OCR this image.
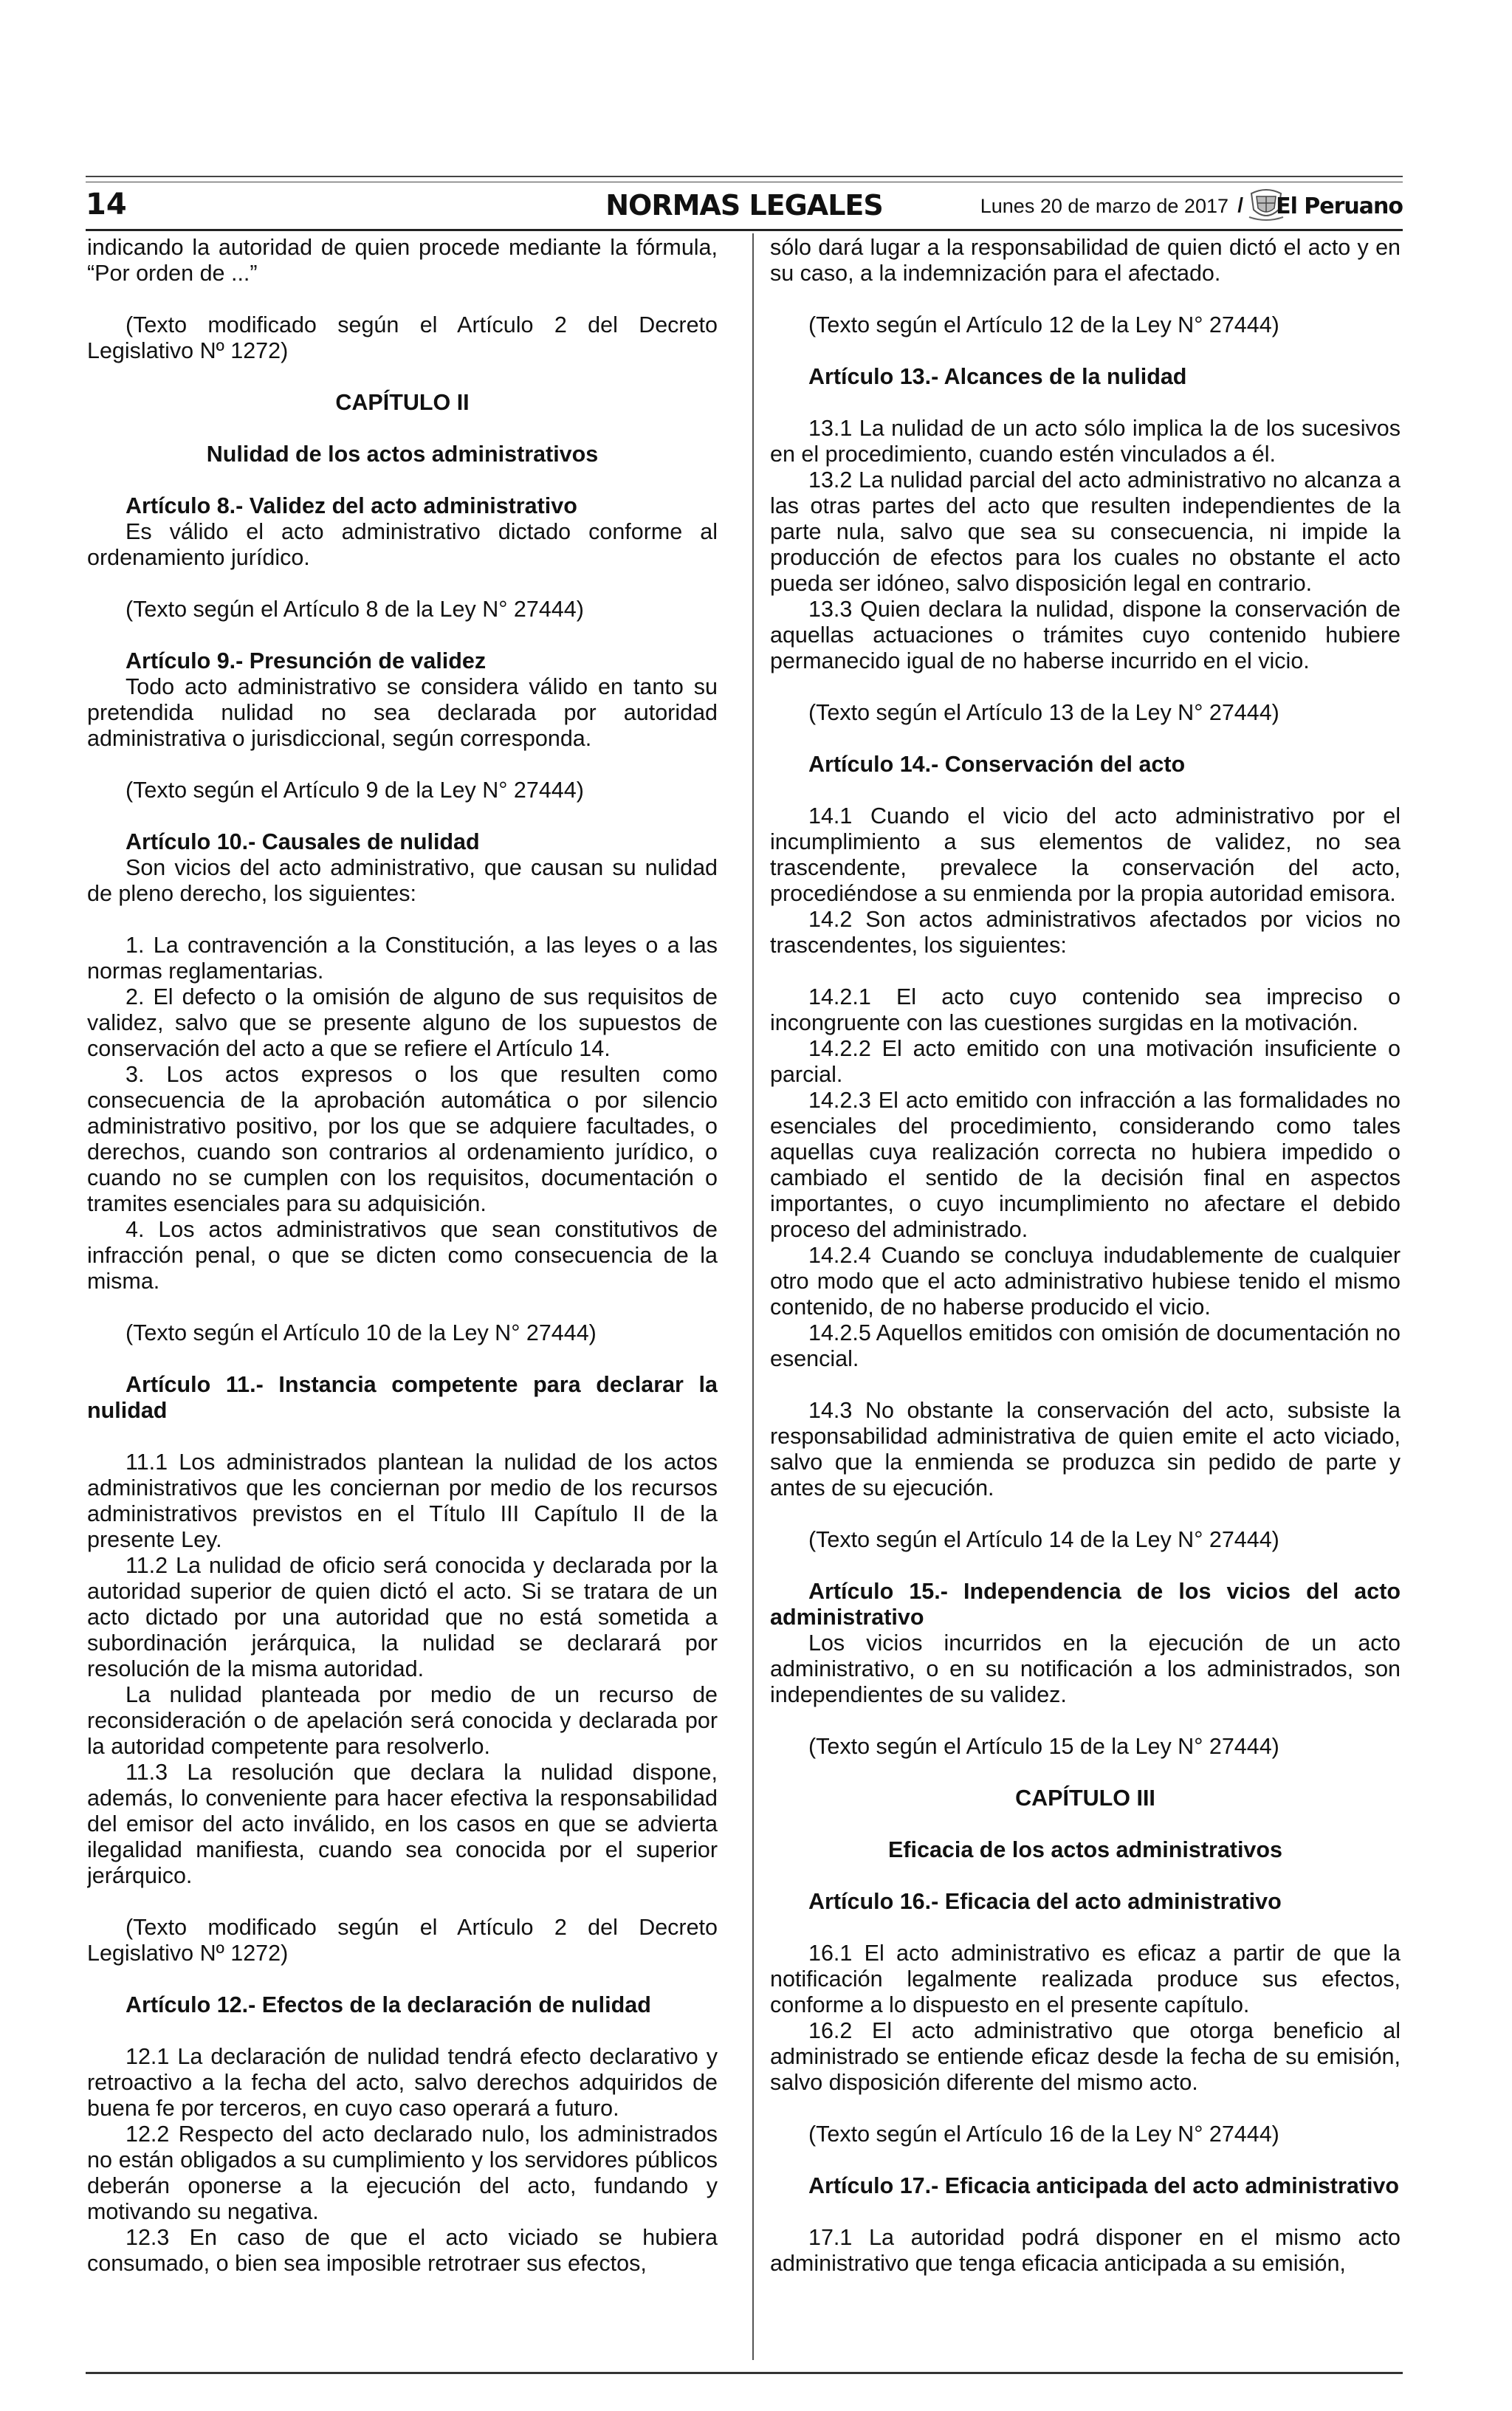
14	NORMAS LEGALES	Lunes 20 de marzo de 2017 / El Peruano

indicando la autoridad de quien procede mediante la fórmula, “Por orden de ...”

(Texto modificado según el Artículo 2 del Decreto Legislativo Nº 1272)

CAPÍTULO II

Nulidad de los actos administrativos

Artículo 8.- Validez del acto administrativo

Es válido el acto administrativo dictado conforme al ordenamiento jurídico.

(Texto según el Artículo 8 de la Ley N° 27444)

Artículo 9.- Presunción de validez

Todo acto administrativo se considera válido en tanto su pretendida nulidad no sea declarada por autoridad administrativa o jurisdiccional, según corresponda.

(Texto según el Artículo 9 de la Ley N° 27444)

Artículo 10.- Causales de nulidad

Son vicios del acto administrativo, que causan su nulidad de pleno derecho, los siguientes:

1. La contravención a la Constitución, a las leyes o a las normas reglamentarias.

2. El defecto o la omisión de alguno de sus requisitos de validez, salvo que se presente alguno de los supuestos de conservación del acto a que se refiere el Artículo 14.

3. Los actos expresos o los que resulten como consecuencia de la aprobación automática o por silencio administrativo positivo, por los que se adquiere facultades, o derechos, cuando son contrarios al ordenamiento jurídico, o cuando no se cumplen con los requisitos, documentación o tramites esenciales para su adquisición.

4. Los actos administrativos que sean constitutivos de infracción penal, o que se dicten como consecuencia de la misma.

(Texto según el Artículo 10 de la Ley N° 27444)

Artículo 11.- Instancia competente para declarar la nulidad

11.1 Los administrados plantean la nulidad de los actos administrativos que les conciernan por medio de los recursos administrativos previstos en el Título III Capítulo II de la presente Ley.

11.2 La nulidad de oficio será conocida y declarada por la autoridad superior de quien dictó el acto. Si se tratara de un acto dictado por una autoridad que no está sometida a subordinación jerárquica, la nulidad se declarará por resolución de la misma autoridad.

La nulidad planteada por medio de un recurso de reconsideración o de apelación será conocida y declarada por la autoridad competente para resolverlo.

11.3 La resolución que declara la nulidad dispone, además, lo conveniente para hacer efectiva la responsabilidad del emisor del acto inválido, en los casos en que se advierta ilegalidad manifiesta, cuando sea conocida por el superior jerárquico.

(Texto modificado según el Artículo 2 del Decreto Legislativo Nº 1272)

Artículo 12.- Efectos de la declaración de nulidad

12.1 La declaración de nulidad tendrá efecto declarativo y retroactivo a la fecha del acto, salvo derechos adquiridos de buena fe por terceros, en cuyo caso operará a futuro.

12.2 Respecto del acto declarado nulo, los administrados no están obligados a su cumplimiento y los servidores públicos deberán oponerse a la ejecución del acto, fundando y motivando su negativa.

12.3 En caso de que el acto viciado se hubiera consumado, o bien sea imposible retrotraer sus efectos,

sólo dará lugar a la responsabilidad de quien dictó el acto y en su caso, a la indemnización para el afectado.

(Texto según el Artículo 12 de la Ley N° 27444)

Artículo 13.- Alcances de la nulidad

13.1 La nulidad de un acto sólo implica la de los sucesivos en el procedimiento, cuando estén vinculados a él.

13.2 La nulidad parcial del acto administrativo no alcanza a las otras partes del acto que resulten independientes de la parte nula, salvo que sea su consecuencia, ni impide la producción de efectos para los cuales no obstante el acto pueda ser idóneo, salvo disposición legal en contrario.

13.3 Quien declara la nulidad, dispone la conservación de aquellas actuaciones o trámites cuyo contenido hubiere permanecido igual de no haberse incurrido en el vicio.

(Texto según el Artículo 13 de la Ley N° 27444)

Artículo 14.- Conservación del acto

14.1 Cuando el vicio del acto administrativo por el incumplimiento a sus elementos de validez, no sea trascendente, prevalece la conservación del acto, procediéndose a su enmienda por la propia autoridad emisora.

14.2 Son actos administrativos afectados por vicios no trascendentes, los siguientes:

14.2.1 El acto cuyo contenido sea impreciso o incongruente con las cuestiones surgidas en la motivación.

14.2.2 El acto emitido con una motivación insuficiente o parcial.

14.2.3 El acto emitido con infracción a las formalidades no esenciales del procedimiento, considerando como tales aquellas cuya realización correcta no hubiera impedido o cambiado el sentido de la decisión final en aspectos importantes, o cuyo incumplimiento no afectare el debido proceso del administrado.

14.2.4 Cuando se concluya indudablemente de cualquier otro modo que el acto administrativo hubiese tenido el mismo contenido, de no haberse producido el vicio.

14.2.5 Aquellos emitidos con omisión de documentación no esencial.

14.3 No obstante la conservación del acto, subsiste la responsabilidad administrativa de quien emite el acto viciado, salvo que la enmienda se produzca sin pedido de parte y antes de su ejecución.

(Texto según el Artículo 14 de la Ley N° 27444)

Artículo 15.- Independencia de los vicios del acto administrativo

Los vicios incurridos en la ejecución de un acto administrativo, o en su notificación a los administrados, son independientes de su validez.

(Texto según el Artículo 15 de la Ley N° 27444)

CAPÍTULO III

Eficacia de los actos administrativos

Artículo 16.- Eficacia del acto administrativo

16.1 El acto administrativo es eficaz a partir de que la notificación legalmente realizada produce sus efectos, conforme a lo dispuesto en el presente capítulo.

16.2 El acto administrativo que otorga beneficio al administrado se entiende eficaz desde la fecha de su emisión, salvo disposición diferente del mismo acto.

(Texto según el Artículo 16 de la Ley N° 27444)

Artículo 17.- Eficacia anticipada del acto administrativo

17.1 La autoridad podrá disponer en el mismo acto administrativo que tenga eficacia anticipada a su emisión,
